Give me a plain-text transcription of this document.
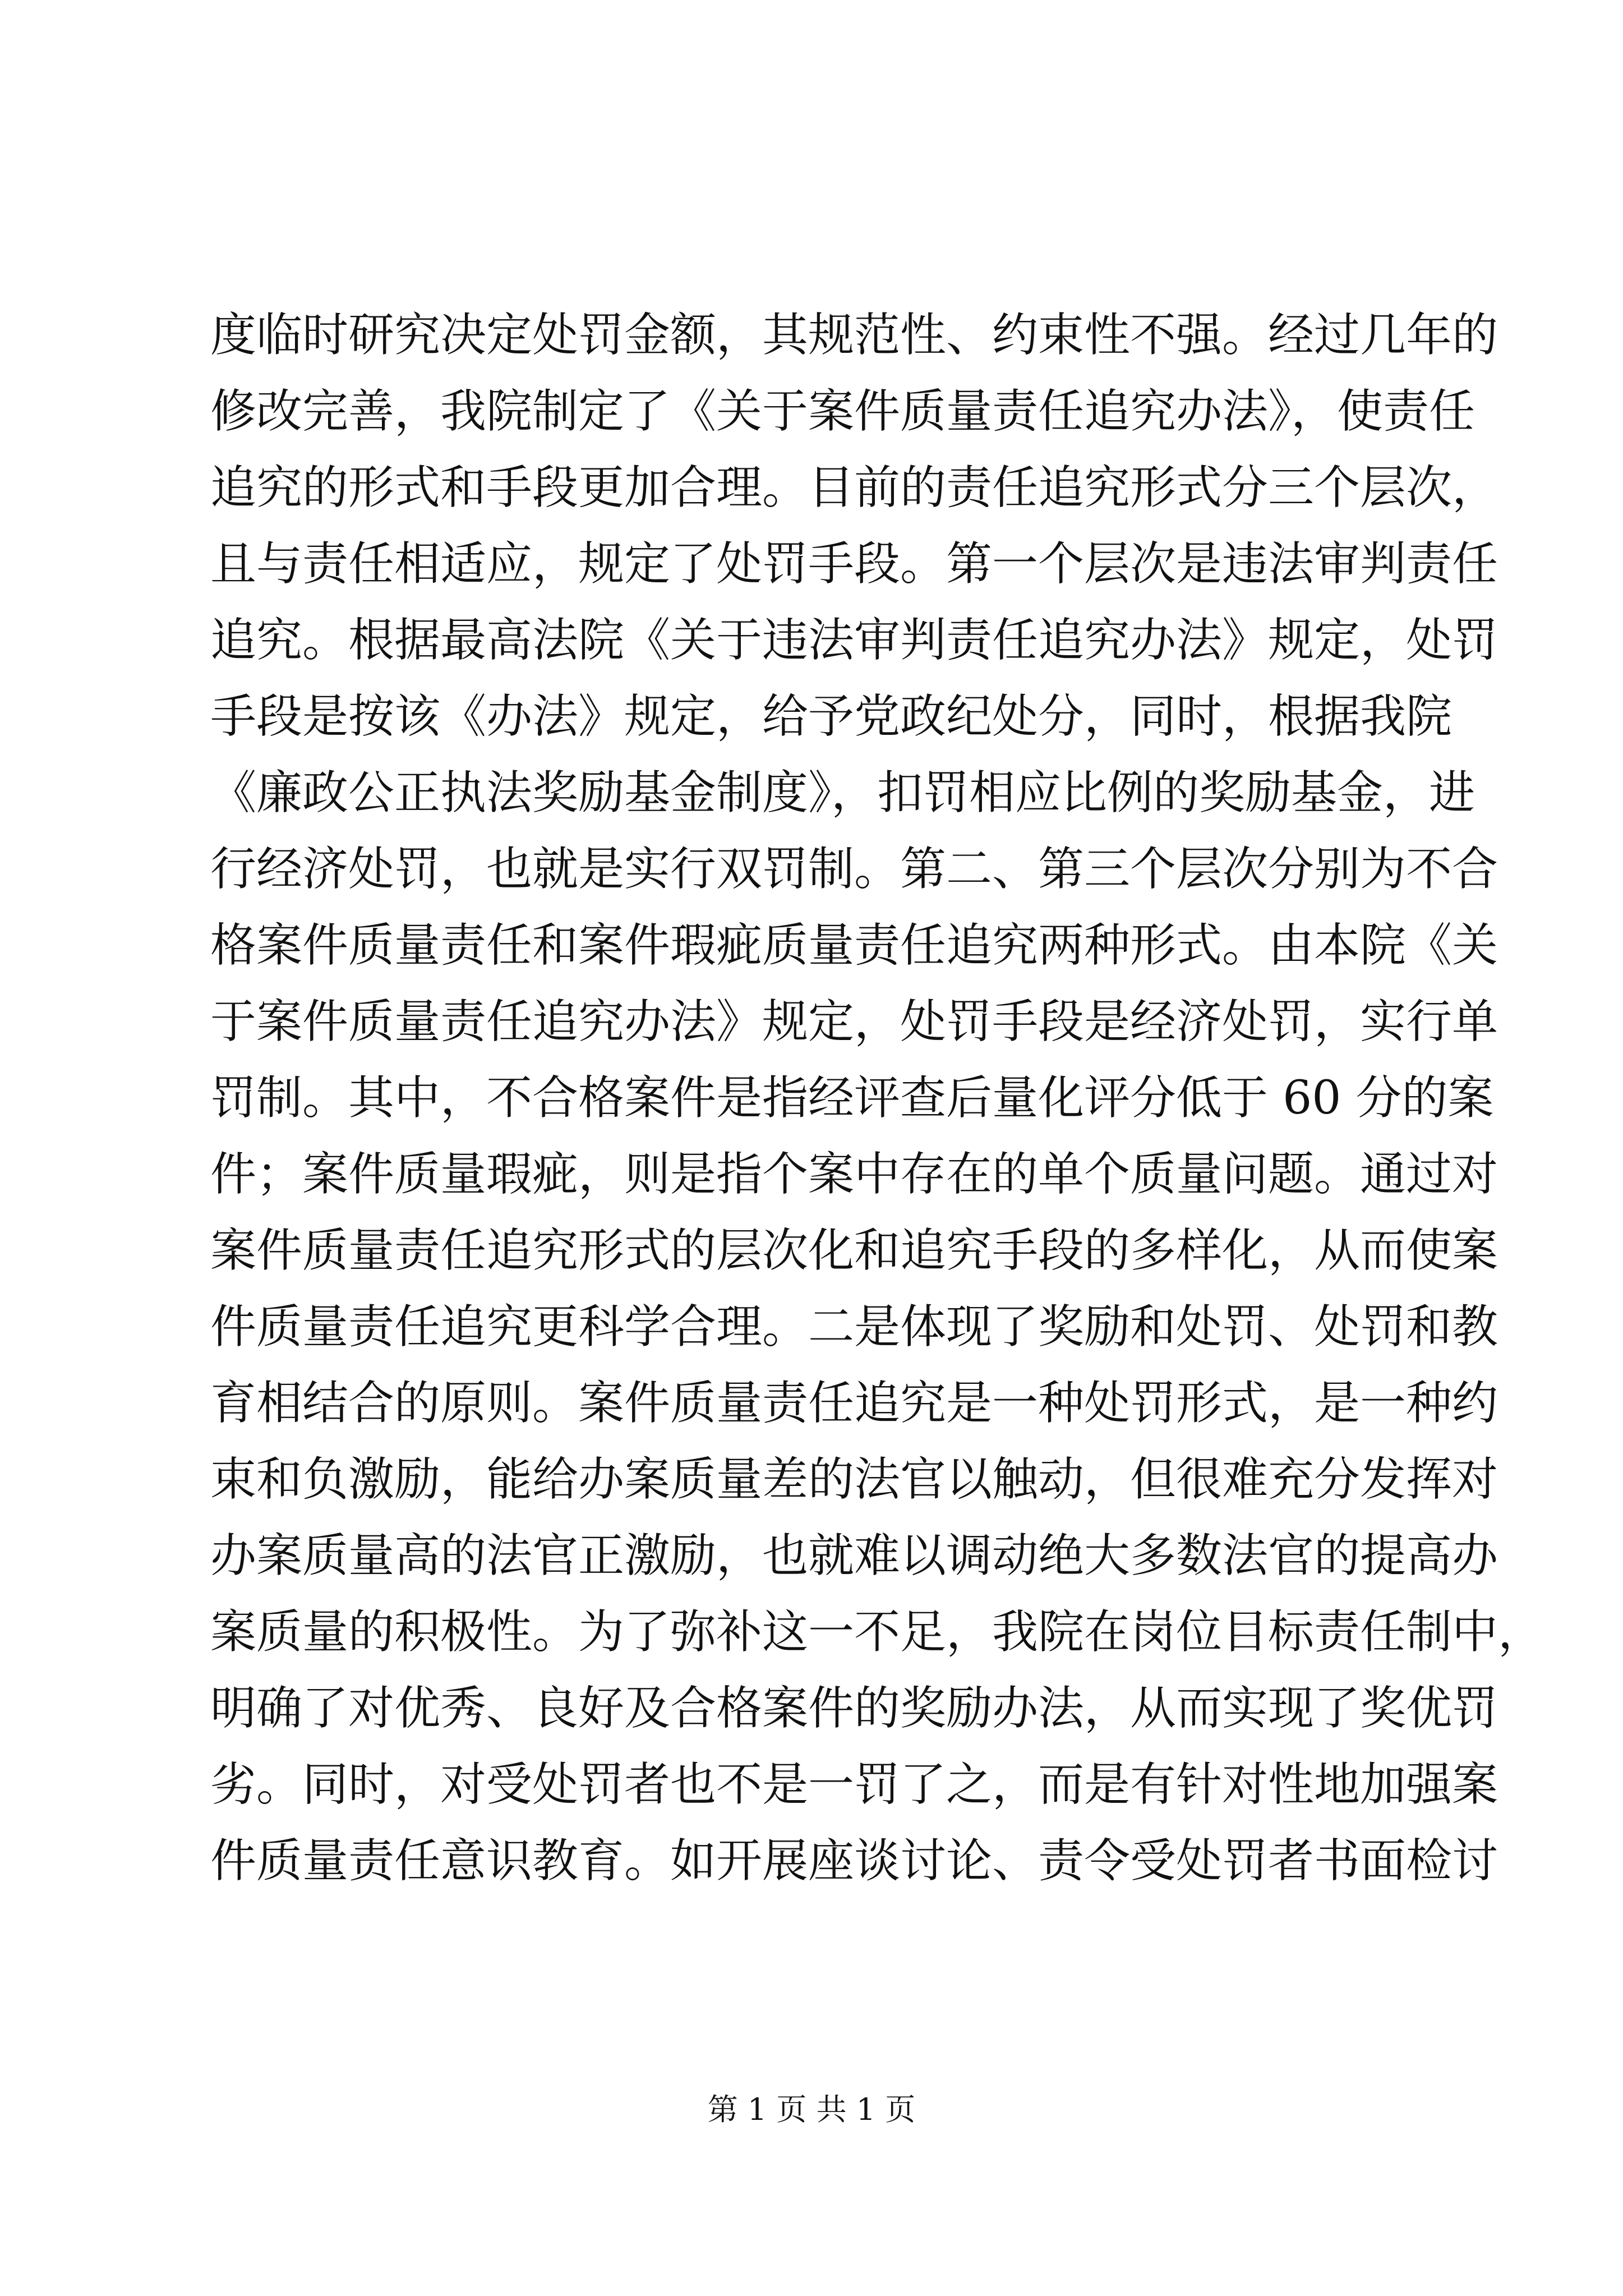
度临时研究决定处罚金额，其规范性、约束性不强。经过几年的
修改完善，我院制定了《关于案件质量责任追究办法》，使责任
追究的形式和手段更加合理。目前的责任追究形式分三个层次，
且与责任相适应，规定了处罚手段。第一个层次是违法审判责任
追究。根据最高法院《关于违法审判责任追究办法》规定，处罚
手段是按该《办法》规定，给予党政纪处分，同时，根据我院
《廉政公正执法奖励基金制度》，扣罚相应比例的奖励基金，进
行经济处罚，也就是实行双罚制。第二、第三个层次分别为不合
格案件质量责任和案件瑕疵质量责任追究两种形式。由本院《关
于案件质量责任追究办法》规定，处罚手段是经济处罚，实行单
罚制。其中，不合格案件是指经评查后量化评分低于 60 分的案
件；案件质量瑕疵，则是指个案中存在的单个质量问题。通过对
案件质量责任追究形式的层次化和追究手段的多样化，从而使案
件质量责任追究更科学合理。二是体现了奖励和处罚、处罚和教
育相结合的原则。案件质量责任追究是一种处罚形式，是一种约
束和负激励，能给办案质量差的法官以触动，但很难充分发挥对
办案质量高的法官正激励，也就难以调动绝大多数法官的提高办
案质量的积极性。为了弥补这一不足，我院在岗位目标责任制中，
明确了对优秀、良好及合格案件的奖励办法，从而实现了奖优罚
劣。同时，对受处罚者也不是一罚了之，而是有针对性地加强案
件质量责任意识教育。如开展座谈讨论、责令受处罚者书面检讨
第 1 页 共 1 页
